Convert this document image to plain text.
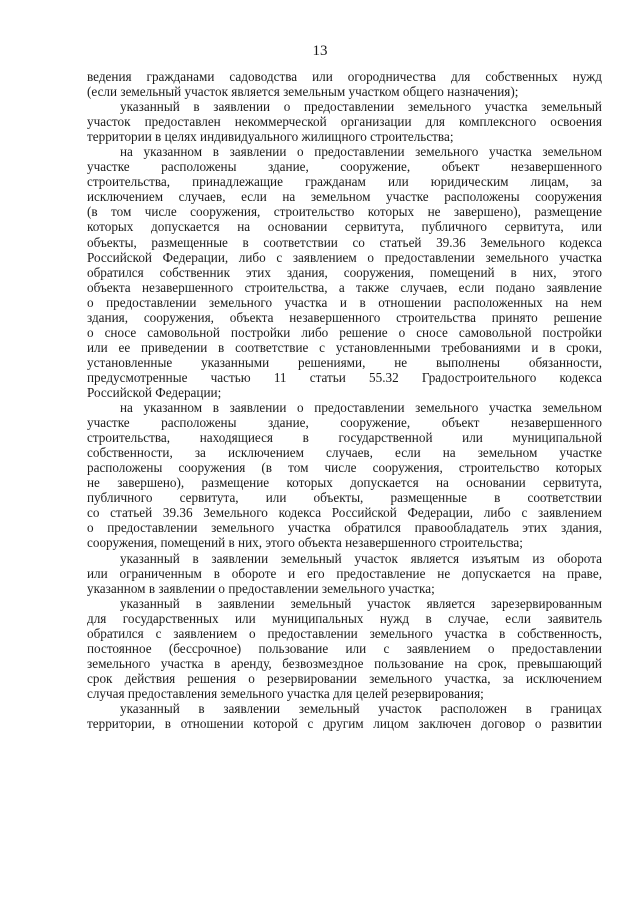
13
ведения гражданами садоводства или огородничества для собственных нужд
(если земельный участок является земельным участком общего назначения);
указанный в заявлении о предоставлении земельного участка земельный
участок предоставлен некоммерческой организации для комплексного освоения
территории в целях индивидуального жилищного строительства;
на указанном в заявлении о предоставлении земельного участка земельном
участке расположены здание, сооружение, объект незавершенного
строительства, принадлежащие гражданам или юридическим лицам, за
исключением случаев, если на земельном участке расположены сооружения
(в том числе сооружения, строительство которых не завершено), размещение
которых допускается на основании сервитута, публичного сервитута, или
объекты, размещенные в соответствии со статьей 39.36 Земельного кодекса
Российской Федерации, либо с заявлением о предоставлении земельного участка
обратился собственник этих здания, сооружения, помещений в них, этого
объекта незавершенного строительства, а также случаев, если подано заявление
о предоставлении земельного участка и в отношении расположенных на нем
здания, сооружения, объекта незавершенного строительства принято решение
о сносе самовольной постройки либо решение о сносе самовольной постройки
или ее приведении в соответствие с установленными требованиями и в сроки,
установленные указанными решениями, не выполнены обязанности,
предусмотренные частью 11 статьи 55.32 Градостроительного кодекса
Российской Федерации;
на указанном в заявлении о предоставлении земельного участка земельном
участке расположены здание, сооружение, объект незавершенного
строительства, находящиеся в государственной или муниципальной
собственности, за исключением случаев, если на земельном участке
расположены сооружения (в том числе сооружения, строительство которых
не завершено), размещение которых допускается на основании сервитута,
публичного сервитута, или объекты, размещенные в соответствии
со статьей 39.36 Земельного кодекса Российской Федерации, либо с заявлением
о предоставлении земельного участка обратился правообладатель этих здания,
сооружения, помещений в них, этого объекта незавершенного строительства;
указанный в заявлении земельный участок является изъятым из оборота
или ограниченным в обороте и его предоставление не допускается на праве,
указанном в заявлении о предоставлении земельного участка;
указанный в заявлении земельный участок является зарезервированным
для государственных или муниципальных нужд в случае, если заявитель
обратился с заявлением о предоставлении земельного участка в собственность,
постоянное (бессрочное) пользование или с заявлением о предоставлении
земельного участка в аренду, безвозмездное пользование на срок, превышающий
срок действия решения о резервировании земельного участка, за исключением
случая предоставления земельного участка для целей резервирования;
указанный в заявлении земельный участок расположен в границах
территории, в отношении которой с другим лицом заключен договор о развитии
